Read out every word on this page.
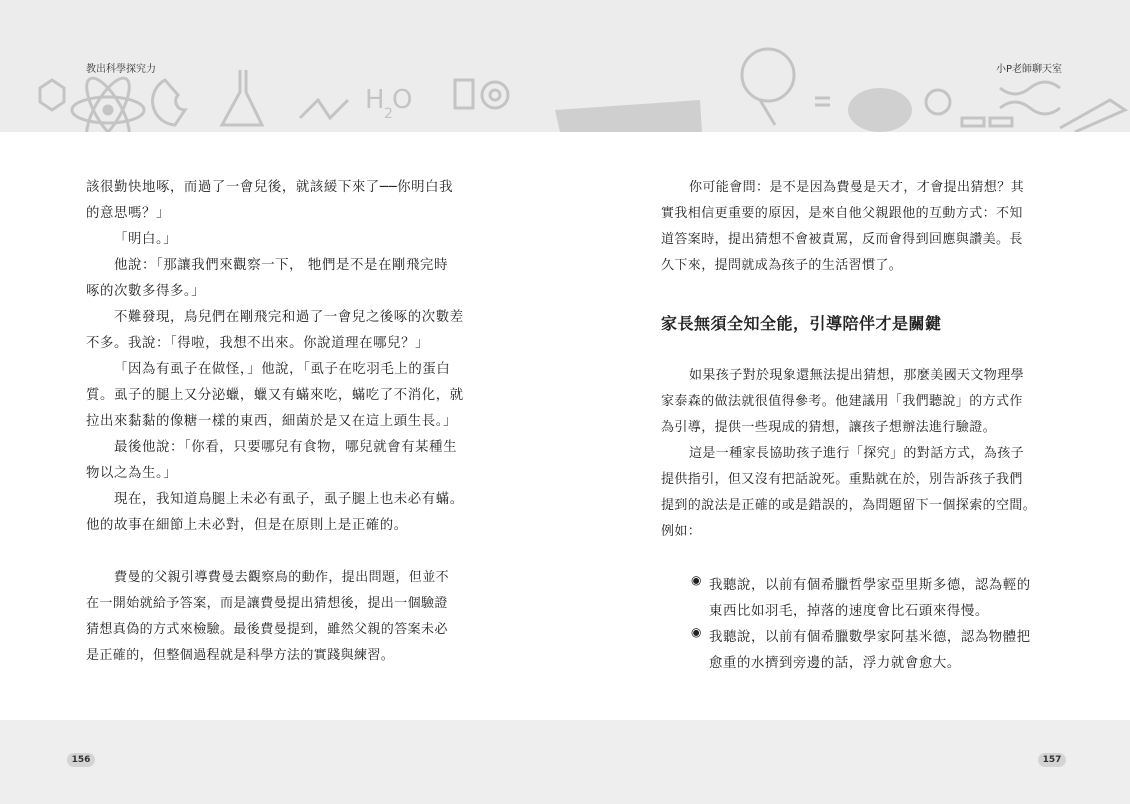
H 2 O
教出科學探究力	小P老師聊天室
156	157
該很勤快地啄，而過了一會兒後，就該緩下來了──你明白我
的意思嗎？」
「明白。」
他說：「那讓我們來觀察一下， 牠們是不是在剛飛完時
啄的次數多得多。」
不難發現，鳥兒們在剛飛完和過了一會兒之後啄的次數差
不多。我說：「得啦，我想不出來。你說道理在哪兒？」
「因為有虱子在做怪，」他說，「虱子在吃羽毛上的蛋白
質。虱子的腿上又分泌蠟，蠟又有蟎來吃，蟎吃了不消化，就
拉出來黏黏的像糖一樣的東西，細菌於是又在這上頭生長。」
最後他說：「你看，只要哪兒有食物，哪兒就會有某種生
物以之為生。」
現在，我知道鳥腿上未必有虱子，虱子腿上也未必有蟎。
他的故事在細節上未必對，但是在原則上是正確的。
費曼的父親引導費曼去觀察鳥的動作，提出問題，但並不
在一開始就給予答案，而是讓費曼提出猜想後，提出一個驗證
猜想真偽的方式來檢驗。最後費曼提到，雖然父親的答案未必
是正確的，但整個過程就是科學方法的實踐與練習。
你可能會問：是不是因為費曼是天才，才會提出猜想？其
實我相信更重要的原因，是來自他父親跟他的互動方式：不知
道答案時，提出猜想不會被責罵，反而會得到回應與讚美。長
久下來，提問就成為孩子的生活習慣了。
家長無須全知全能，引導陪伴才是關鍵
如果孩子對於現象還無法提出猜想，那麼美國天文物理學
家泰森的做法就很值得參考。他建議用「我們聽說」的方式作
為引導，提供一些現成的猜想，讓孩子想辦法進行驗證。
這是一種家長協助孩子進行「探究」的對話方式，為孩子
提供指引，但又沒有把話說死。重點就在於，別告訴孩子我們
提到的說法是正確的或是錯誤的，為問題留下一個探索的空間。
例如：
◉ 我聽說，以前有個希臘哲學家亞里斯多德，認為輕的
東西比如羽毛，掉落的速度會比石頭來得慢。
◉ 我聽說，以前有個希臘數學家阿基米德，認為物體把
愈重的水擠到旁邊的話，浮力就會愈大。
